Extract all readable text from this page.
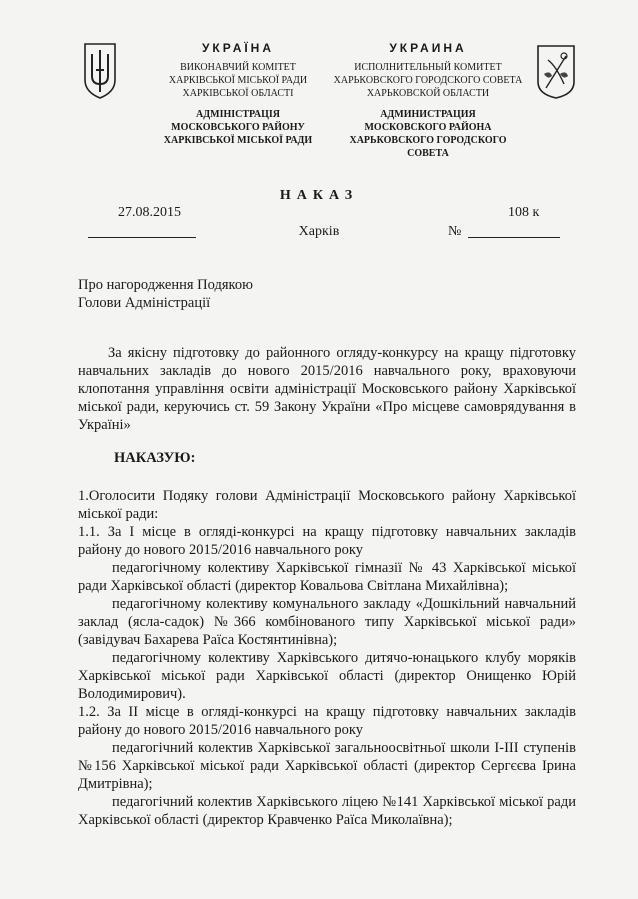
УКРАЇНА
ВИКОНАВЧИЙ КОМІТЕТ
ХАРКІВСЬКОЇ МІСЬКОЇ РАДИ
ХАРКІВСЬКОЇ ОБЛАСТІ
АДМІНІСТРАЦІЯ
МОСКОВСЬКОГО РАЙОНУ
ХАРКІВСЬКОЇ МІСЬКОЇ РАДИ
УКРАИНА
ИСПОЛНИТЕЛЬНЫЙ КОМИТЕТ
ХАРЬКОВСКОГО ГОРОДСКОГО СОВЕТА
ХАРЬКОВСКОЙ ОБЛАСТИ
АДМИНИСТРАЦИЯ
МОСКОВСКОГО РАЙОНА
ХАРЬКОВСКОГО ГОРОДСКОГО СОВЕТА
НАКАЗ
27.08.2015	108 к
Харків	№
Про нагородження Подякою
Голови Адміністрації
За якісну підготовку до районного огляду-конкурсу на кращу підготовку навчальних закладів до нового 2015/2016 навчального року, враховуючи клопотання управління освіти адміністрації Московського району Харківської міської ради, керуючись ст. 59 Закону України «Про місцеве самоврядування в Україні»
НАКАЗУЮ:

1.Оголосити Подяку голови Адміністрації Московського району Харківської міської ради:

1.1. За І місце в огляді-конкурсі на кращу підготовку навчальних закладів району до нового 2015/2016 навчального року

педагогічному колективу Харківської гімназії № 43 Харківської міської ради Харківської області (директор Ковальова Світлана Михайлівна);

педагогічному колективу комунального закладу «Дошкільний навчальний заклад (ясла-садок) №366 комбінованого типу Харківської міської ради» (завідувач Бахарева Раїса Костянтинівна);

педагогічному колективу Харківського дитячо-юнацького клубу моряків Харківської міської ради Харківської області (директор Онищенко Юрій Володимирович).

1.2. За ІІ місце в огляді-конкурсі на кращу підготовку навчальних закладів району до нового 2015/2016 навчального року

педагогічний колектив Харківської загальноосвітньої школи І-ІІІ ступенів №156 Харківської міської ради Харківської області (директор Сергєєва Ірина Дмитрівна);

педагогічний колектив Харківського ліцею №141 Харківської міської ради Харківської області (директор Кравченко Раїса Миколаївна);
